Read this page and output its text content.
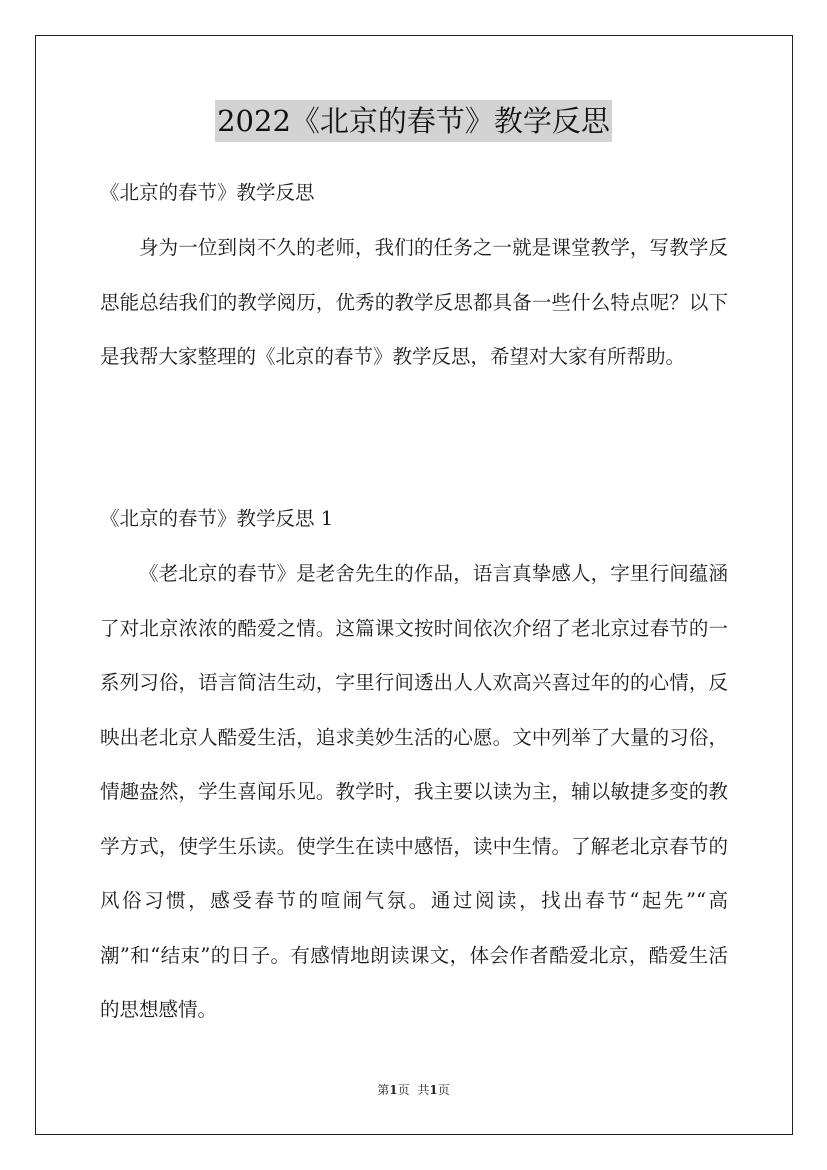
2022《北京的春节》教学反思
《北京的春节》教学反思
身为一位到岗不久的老师，我们的任务之一就是课堂教学，写教学反思能总结我们的教学阅历，优秀的教学反思都具备一些什么特点呢？以下是我帮大家整理的《北京的春节》教学反思，希望对大家有所帮助。
《北京的春节》教学反思 1
《老北京的春节》是老舍先生的作品，语言真挚感人，字里行间蕴涵了对北京浓浓的酷爱之情。这篇课文按时间依次介绍了老北京过春节的一系列习俗，语言简洁生动，字里行间透出人人欢高兴喜过年的的心情，反映出老北京人酷爱生活，追求美妙生活的心愿。文中列举了大量的习俗，情趣盎然，学生喜闻乐见。教学时，我主要以读为主，辅以敏捷多变的教学方式，使学生乐读。使学生在读中感悟，读中生情。了解老北京春节的风俗习惯，感受春节的喧闹气氛。通过阅读，找出春节“起先”“高潮”和“结束”的日子。有感情地朗读课文，体会作者酷爱北京，酷爱生活的思想感情。
第1页 共1页
